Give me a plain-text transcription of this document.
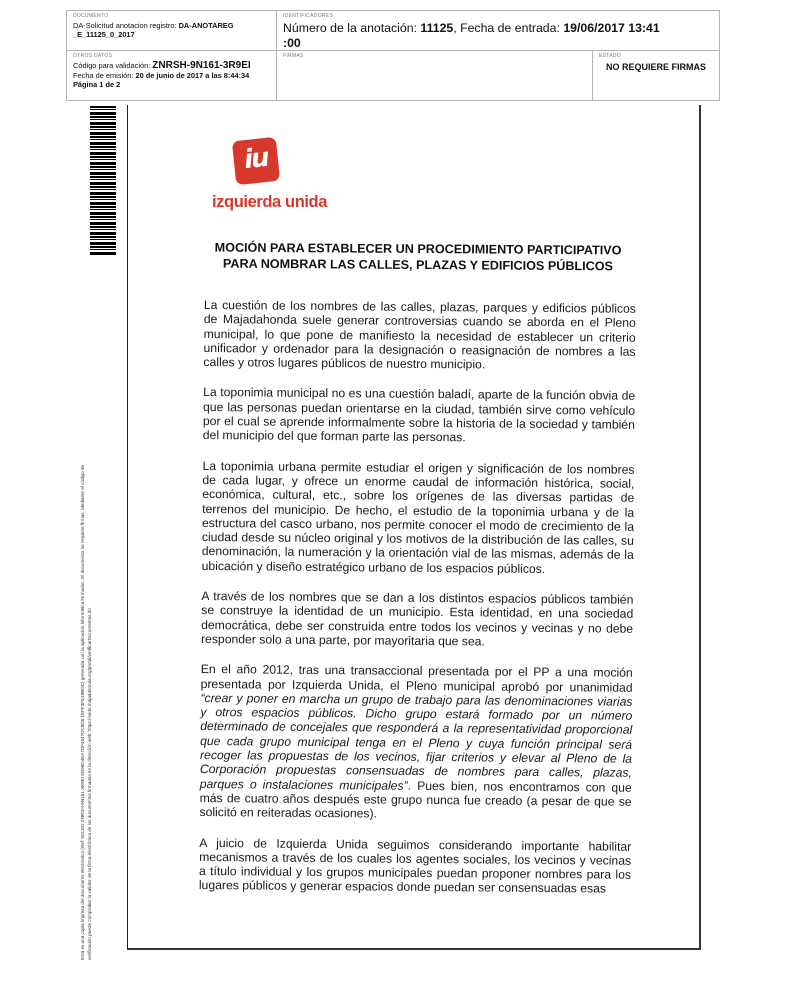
DOCUMENTO
DA-Solicitud anotacion registro: DA-ANOTAREG
_E_11125_0_2017
IDENTIFICADORES
Número de la anotación: 11125, Fecha de entrada: 19/06/2017 13:41
:00
OTROS DATOS
Código para validación: ZNRSH-9N161-3R9EI
Fecha de emisión: 20 de junio de 2017 a las 8:44:34
Página 1 de 2
FIRMAS	ESTADO
NO REQUIERE FIRMAS
Esta es una copia impresa del documento electrónico (Ref: 501152 ZNRSH-9N161-3R9EI 6D96D4EA7DF4547DC8D8 1EFF3FE49BDC) generada con la aplicación informática Firmadoc. El documento no requiere firmas. Mediante el código de verificación puede comprobar la validez de la firma electrónica de los documentos firmados en la dirección web: https://sede.majadahonda.org/portal/verificarDocumentos.do
iu
izquierda unida
MOCIÓN PARA ESTABLECER UN PROCEDIMIENTO PARTICIPATIVO
PARA NOMBRAR LAS CALLES, PLAZAS Y EDIFICIOS PÚBLICOS

La cuestión de los nombres de las calles, plazas, parques y edificios públicos de Majadahonda suele generar controversias cuando se aborda en el Pleno municipal, lo que pone de manifiesto la necesidad de establecer un criterio unificador y ordenador para la designación o reasignación de nombres a las calles y otros lugares públicos de nuestro municipio.

La toponimia municipal no es una cuestión baladí, aparte de la función obvia de que las personas puedan orientarse en la ciudad, también sirve como vehículo por el cual se aprende informalmente sobre la historia de la sociedad y también del municipio del que forman parte las personas.

La toponimia urbana permite estudiar el origen y significación de los nombres de cada lugar, y ofrece un enorme caudal de información histórica, social, económica, cultural, etc., sobre los orígenes de las diversas partidas de terrenos del municipio. De hecho, el estudio de la toponimia urbana y de la estructura del casco urbano, nos permite conocer el modo de crecimiento de la ciudad desde su núcleo original y los motivos de la distribución de las calles, su denominación, la numeración y la orientación vial de las mismas, además de la ubicación y diseño estratégico urbano de los espacios públicos.

A través de los nombres que se dan a los distintos espacios públicos también se construye la identidad de un municipio. Esta identidad, en una sociedad democrática, debe ser construida entre todos los vecinos y vecinas y no debe responder solo a una parte, por mayoritaria que sea.

En el año 2012, tras una transaccional presentada por el PP a una moción presentada por Izquierda Unida, el Pleno municipal aprobó por unanimidad “crear y poner en marcha un grupo de trabajo para las denominaciones viarias y otros espacios públicos. Dicho grupo estará formado por un número determinado de concejales que responderá a la representatividad proporcional que cada grupo municipal tenga en el Pleno y cuya función principal será recoger las propuestas de los vecinos, fijar criterios y elevar al Pleno de la Corporación propuestas consensuadas de nombres para calles, plazas, parques o instalaciones municipales”. Pues bien, nos encontramos con que más de cuatro años después este grupo nunca fue creado (a pesar de que se solicitó en reiteradas ocasiones).

A juicio de Izquierda Unida seguimos considerando importante habilitar mecanismos a través de los cuales los agentes sociales, los vecinos y vecinas a título individual y los grupos municipales puedan proponer nombres para los lugares públicos y generar espacios donde puedan ser consensuadas esas
